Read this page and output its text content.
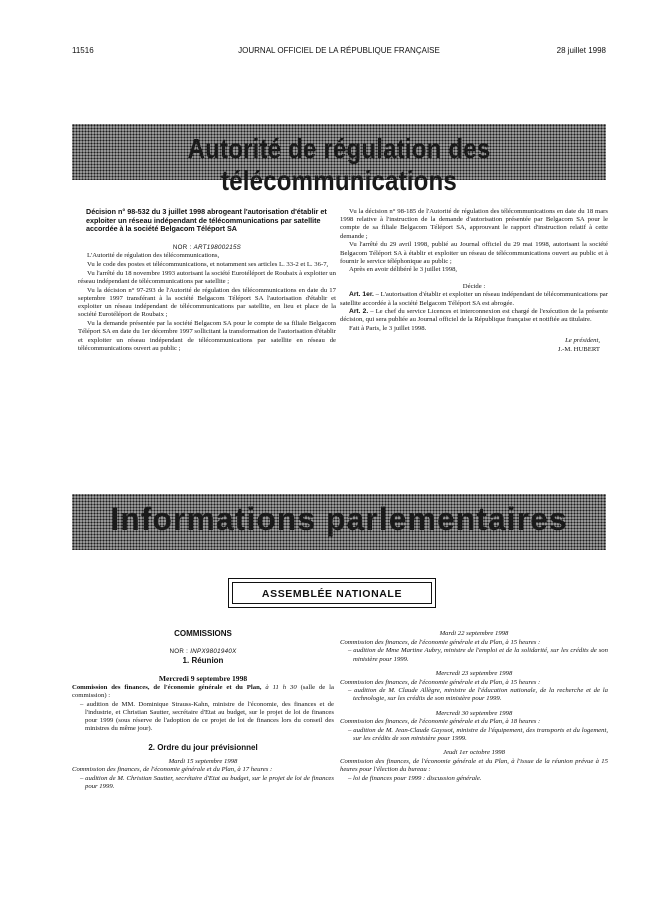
11516	JOURNAL OFFICIEL DE LA RÉPUBLIQUE FRANÇAISE	28 juillet 1998
Autorité de régulation des télécommunications

Décision n° 98-532 du 3 juillet 1998 abrogeant l'autorisation d'établir et exploiter un réseau indépendant de télécommunications par satellite accordée à la société Belgacom Téléport SA

NOR : ART19800215S

L'Autorité de régulation des télécommunications,

Vu le code des postes et télécommunications, et notamment ses articles L. 33-2 et L. 36-7,

Vu l'arrêté du 18 novembre 1993 autorisant la société Eurotéléport de Roubaix à exploiter un réseau indépendant de télécommunications par satellite ;

Vu la décision n° 97-293 de l'Autorité de régulation des télécommunications en date du 17 septembre 1997 transférant à la société Belgacom Téléport SA l'autorisation d'établir et exploiter un réseau indépendant de télécommunications par satellite, en lieu et place de la société Eurotéléport de Roubaix ;

Vu la demande présentée par la société Belgacom SA pour le compte de sa filiale Belgacom Téléport SA en date du 1er décembre 1997 sollicitant la transformation de l'autorisation d'établir et exploiter un réseau indépendant de télécommunications par satellite en réseau de télécommunications ouvert au public ;

Vu la décision n° 98-185 de l'Autorité de régulation des télécommunications en date du 18 mars 1998 relative à l'instruction de la demande d'autorisation présentée par Belgacom SA pour le compte de sa filiale Belgacom Téléport SA, approuvant le rapport d'instruction relatif à cette demande ;

Vu l'arrêté du 29 avril 1998, publié au Journal officiel du 29 mai 1998, autorisant la société Belgacom Téléport SA à établir et exploiter un réseau de télécommunications ouvert au public et à fournir le service téléphonique au public ;

Après en avoir délibéré le 3 juillet 1998,

Décide :

Art. 1er. – L'autorisation d'établir et exploiter un réseau indépendant de télécommunications par satellite accordée à la société Belgacom Téléport SA est abrogée.

Art. 2. – Le chef du service Licences et interconnexion est chargé de l'exécution de la présente décision, qui sera publiée au Journal officiel de la République française et notifiée au titulaire.

Fait à Paris, le 3 juillet 1998.

Le président,
J.-M. HUBERT
Informations parlementaires
ASSEMBLÉE NATIONALE

COMMISSIONS

NOR : INPX9801940X

1. Réunion

Mercredi 9 septembre 1998

Commission des finances, de l'économie générale et du Plan, à 11 h 30 (salle de la commission) :

– audition de MM. Dominique Strauss-Kahn, ministre de l'économie, des finances et de l'industrie, et Christian Sautter, secrétaire d'Etat au budget, sur le projet de loi de finances pour 1999 (sous réserve de l'adoption de ce projet de loi de finances lors du conseil des ministres du même jour).

2. Ordre du jour prévisionnel

Mardi 15 septembre 1998

Commission des finances, de l'économie générale et du Plan, à 17 heures :

– audition de M. Christian Sautter, secrétaire d'Etat au budget, sur le projet de loi de finances pour 1999.

Mardi 22 septembre 1998

Commission des finances, de l'économie générale et du Plan, à 15 heures :

– audition de Mme Martine Aubry, ministre de l'emploi et de la solidarité, sur les crédits de son ministère pour 1999.

Mercredi 23 septembre 1998

Commission des finances, de l'économie générale et du Plan, à 15 heures :

– audition de M. Claude Allègre, ministre de l'éducation nationale, de la recherche et de la technologie, sur les crédits de son ministère pour 1999.

Mercredi 30 septembre 1998

Commission des finances, de l'économie générale et du Plan, à 18 heures :

– audition de M. Jean-Claude Gayssot, ministre de l'équipement, des transports et du logement, sur les crédits de son ministère pour 1999.

Jeudi 1er octobre 1998

Commission des finances, de l'économie générale et du Plan, à l'issue de la réunion prévue à 15 heures pour l'élection du bureau :

– loi de finances pour 1999 : discussion générale.
